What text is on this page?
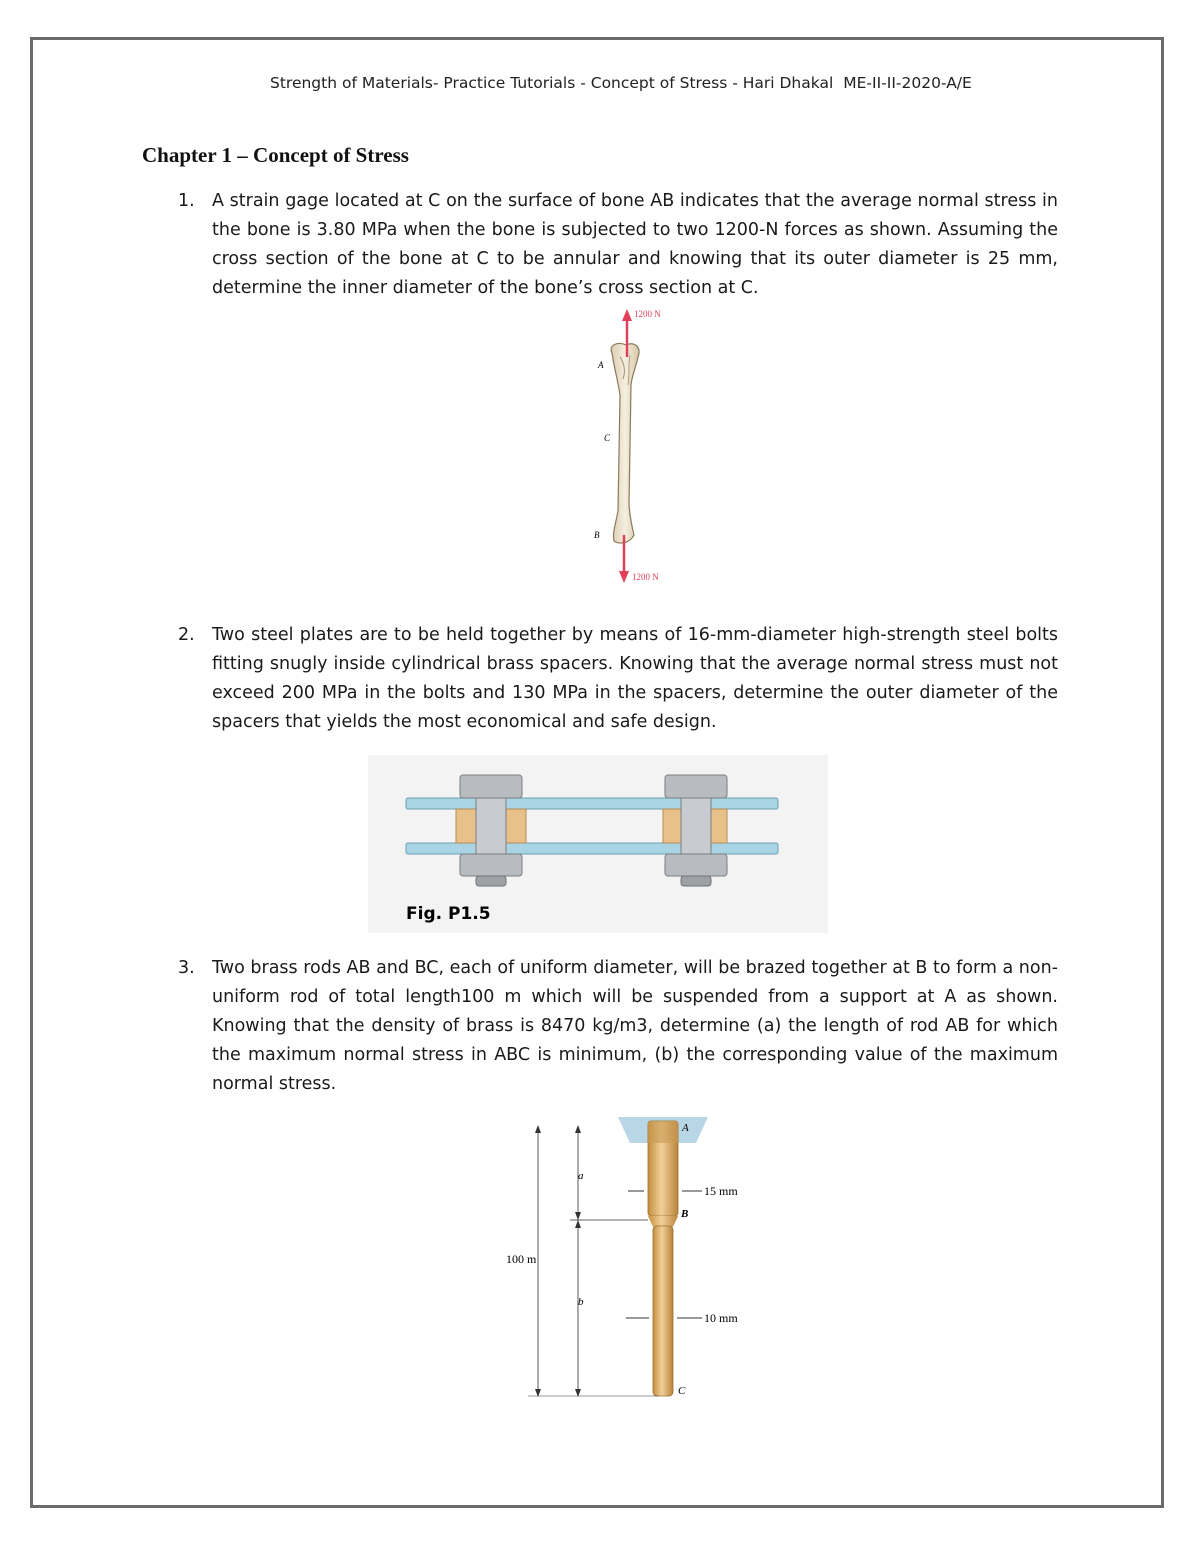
Strength of Materials- Practice Tutorials - Concept of Stress - Hari Dhakal ME-II-II-2020-A/E
Chapter 1 – Concept of Stress
1. A strain gage located at C on the surface of bone AB indicates that the average normal stress in the bone is 3.80 MPa when the bone is subjected to two 1200-N forces as shown. Assuming the cross section of the bone at C to be annular and knowing that its outer diameter is 25 mm, determine the inner diameter of the bone’s cross section at C.
1200 N
1200 N
A
C
B
2. Two steel plates are to be held together by means of 16-mm-diameter high-strength steel bolts fitting snugly inside cylindrical brass spacers. Knowing that the average normal stress must not exceed 200 MPa in the bolts and 130 MPa in the spacers, determine the outer diameter of the spacers that yields the most economical and safe design.
Fig. P1.5
3. Two brass rods AB and BC, each of uniform diameter, will be brazed together at B to form a non- uniform rod of total length100 m which will be suspended from a support at A as shown. Knowing that the density of brass is 8470 kg/m3, determine (a) the length of rod AB for which the maximum normal stress in ABC is minimum, (b) the corresponding value of the maximum normal stress.
A
B
C
15 mm
10 mm
100 m
a
b
